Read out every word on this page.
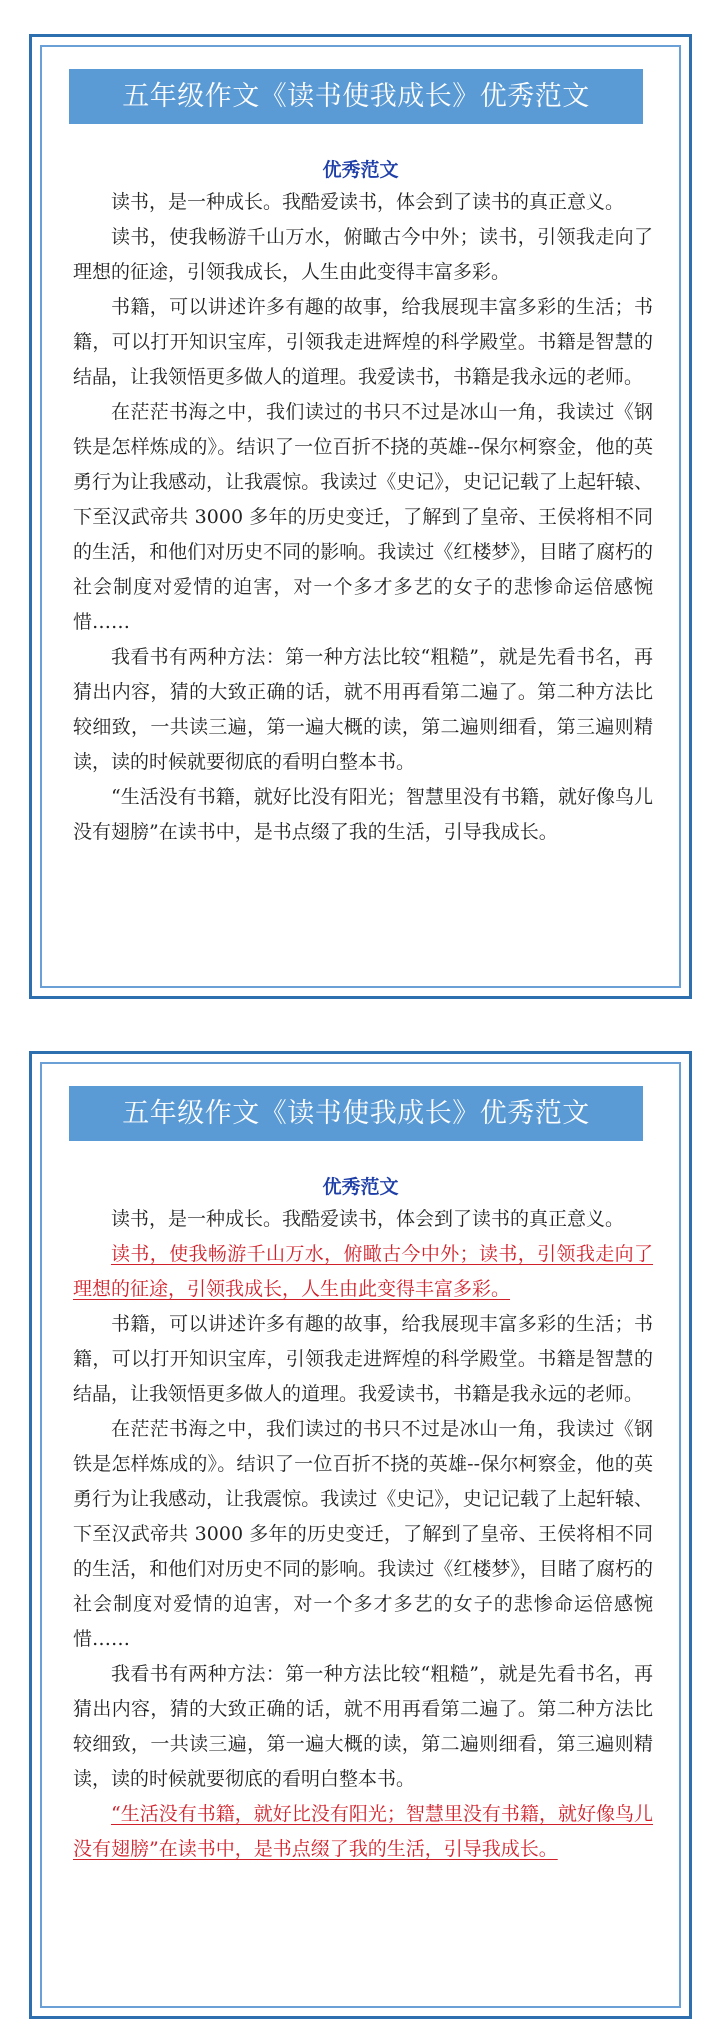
五年级作文《读书使我成长》优秀范文
优秀范文

读书，是一种成长。我酷爱读书，体会到了读书的真正意义。

读书，使我畅游千山万水，俯瞰古今中外；读书，引领我走向了理想的征途，引领我成长，人生由此变得丰富多彩。

书籍，可以讲述许多有趣的故事，给我展现丰富多彩的生活；书籍，可以打开知识宝库，引领我走进辉煌的科学殿堂。书籍是智慧的结晶，让我领悟更多做人的道理。我爱读书，书籍是我永远的老师。

在茫茫书海之中，我们读过的书只不过是冰山一角，我读过《钢铁是怎样炼成的》。结识了一位百折不挠的英雄--保尔柯察金，他的英勇行为让我感动，让我震惊。我读过《史记》，史记记载了上起轩辕、下至汉武帝共 3000 多年的历史变迁，了解到了皇帝、王侯将相不同的生活，和他们对历史不同的影响。我读过《红楼梦》，目睹了腐朽的社会制度对爱情的迫害，对一个多才多艺的女子的悲惨命运倍感惋惜……

我看书有两种方法：第一种方法比较“粗糙”，就是先看书名，再猜出内容，猜的大致正确的话，就不用再看第二遍了。第二种方法比较细致，一共读三遍，第一遍大概的读，第二遍则细看，第三遍则精读，读的时候就要彻底的看明白整本书。

“生活没有书籍，就好比没有阳光；智慧里没有书籍，就好像鸟儿没有翅膀”在读书中，是书点缀了我的生活，引导我成长。

五年级作文《读书使我成长》优秀范文
优秀范文

读书，是一种成长。我酷爱读书，体会到了读书的真正意义。

读书，使我畅游千山万水，俯瞰古今中外；读书，引领我走向了理想的征途，引领我成长，人生由此变得丰富多彩。

书籍，可以讲述许多有趣的故事，给我展现丰富多彩的生活；书籍，可以打开知识宝库，引领我走进辉煌的科学殿堂。书籍是智慧的结晶，让我领悟更多做人的道理。我爱读书，书籍是我永远的老师。

在茫茫书海之中，我们读过的书只不过是冰山一角，我读过《钢铁是怎样炼成的》。结识了一位百折不挠的英雄--保尔柯察金，他的英勇行为让我感动，让我震惊。我读过《史记》，史记记载了上起轩辕、下至汉武帝共 3000 多年的历史变迁，了解到了皇帝、王侯将相不同的生活，和他们对历史不同的影响。我读过《红楼梦》，目睹了腐朽的社会制度对爱情的迫害，对一个多才多艺的女子的悲惨命运倍感惋惜……

我看书有两种方法：第一种方法比较“粗糙”，就是先看书名，再猜出内容，猜的大致正确的话，就不用再看第二遍了。第二种方法比较细致，一共读三遍，第一遍大概的读，第二遍则细看，第三遍则精读，读的时候就要彻底的看明白整本书。

“生活没有书籍，就好比没有阳光；智慧里没有书籍，就好像鸟儿没有翅膀”在读书中，是书点缀了我的生活，引导我成长。
